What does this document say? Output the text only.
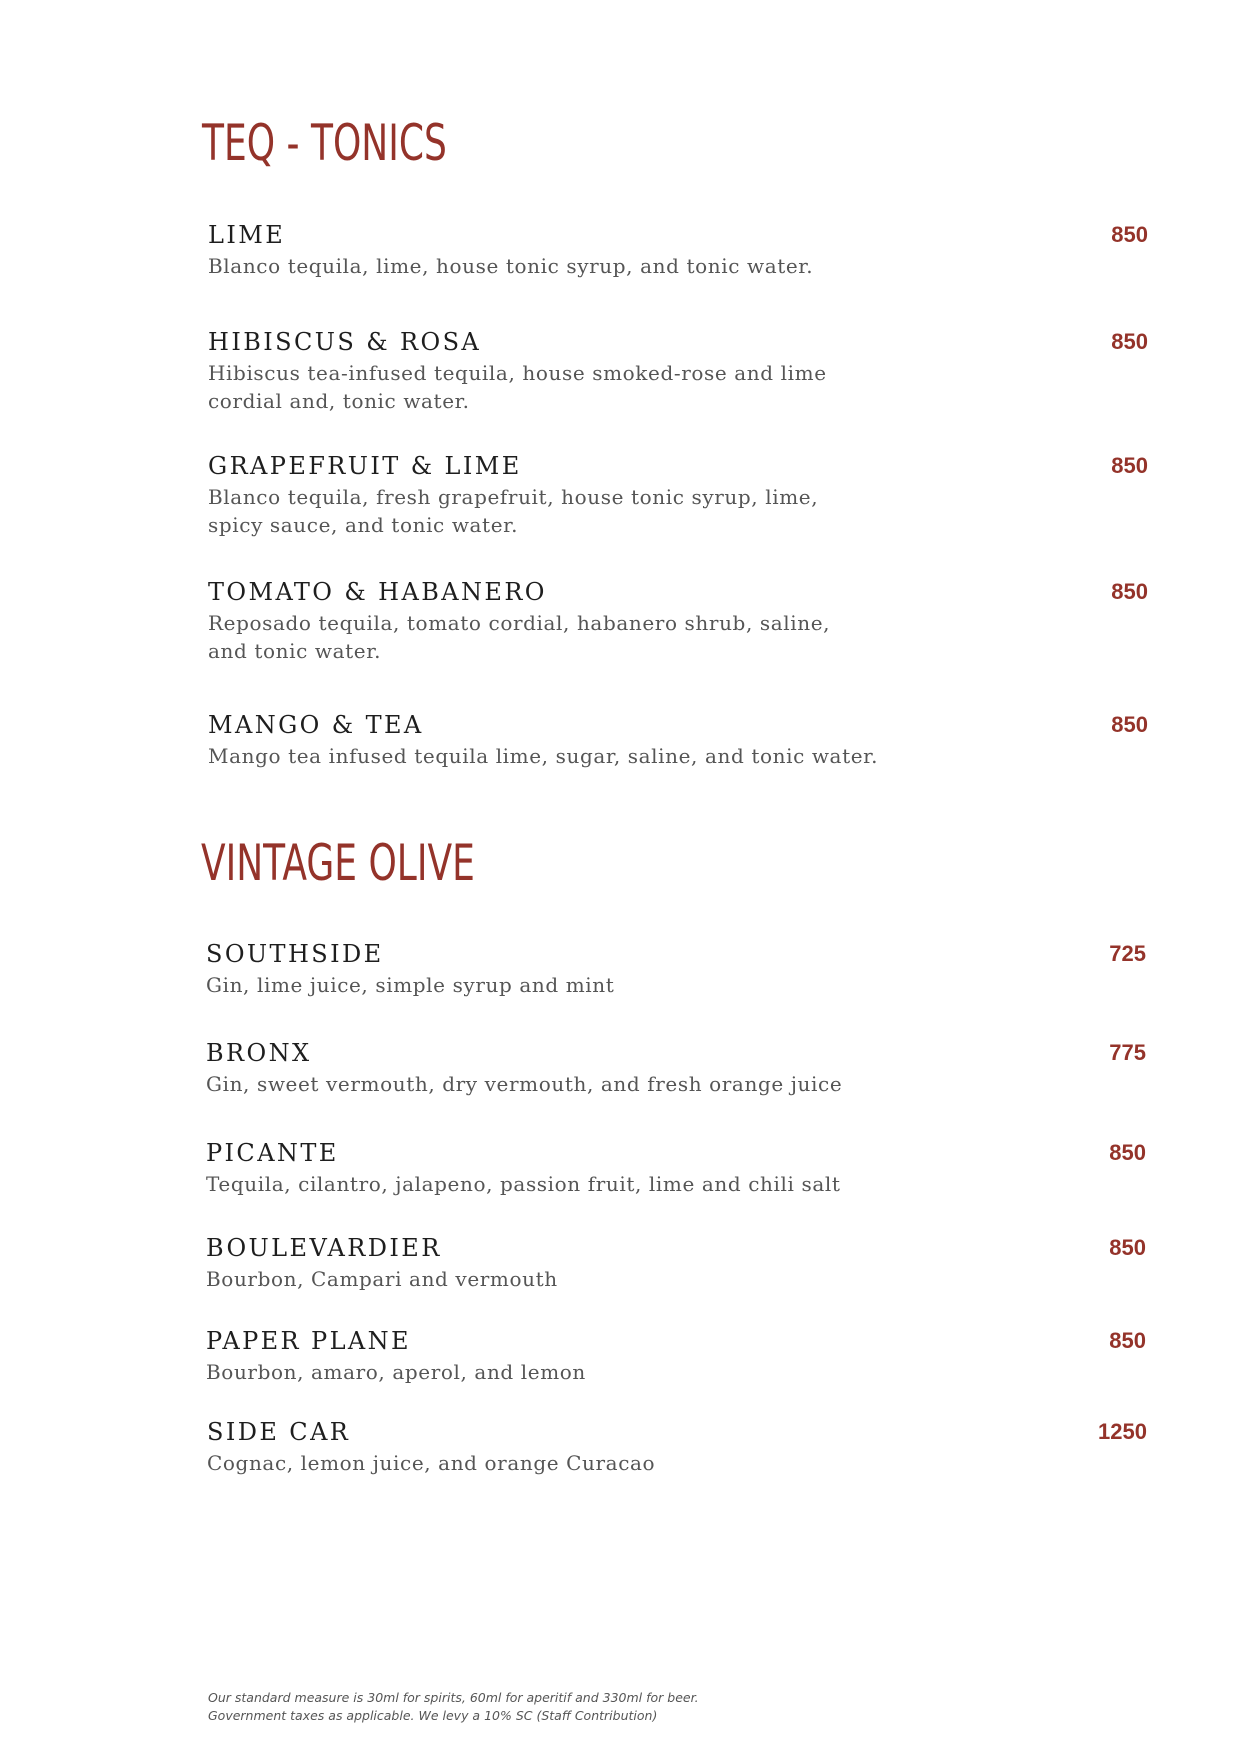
TEQ - TONICS
LIME
Blanco tequila, lime, house tonic syrup, and tonic water.
850
HIBISCUS & ROSA
Hibiscus tea-infused tequila, house smoked-rose and lime
cordial and, tonic water.
850
GRAPEFRUIT & LIME
Blanco tequila, fresh grapefruit, house tonic syrup, lime,
spicy sauce, and tonic water.
850
TOMATO & HABANERO
Reposado tequila, tomato cordial, habanero shrub, saline,
and tonic water.
850
MANGO & TEA
Mango tea infused tequila lime, sugar, saline, and tonic water.
850
VINTAGE OLIVE
SOUTHSIDE
Gin, lime juice, simple syrup and mint
725
BRONX
Gin, sweet vermouth, dry vermouth, and fresh orange juice
775
PICANTE
Tequila, cilantro, jalapeno, passion fruit, lime and chili salt
850
BOULEVARDIER
Bourbon, Campari and vermouth
850
PAPER PLANE
Bourbon, amaro, aperol, and lemon
850
SIDE CAR
Cognac, lemon juice, and orange Curacao
1250
Our standard measure is 30ml for spirits, 60ml for aperitif and 330ml for beer.
Government taxes as applicable. We levy a 10% SC (Staff Contribution)
